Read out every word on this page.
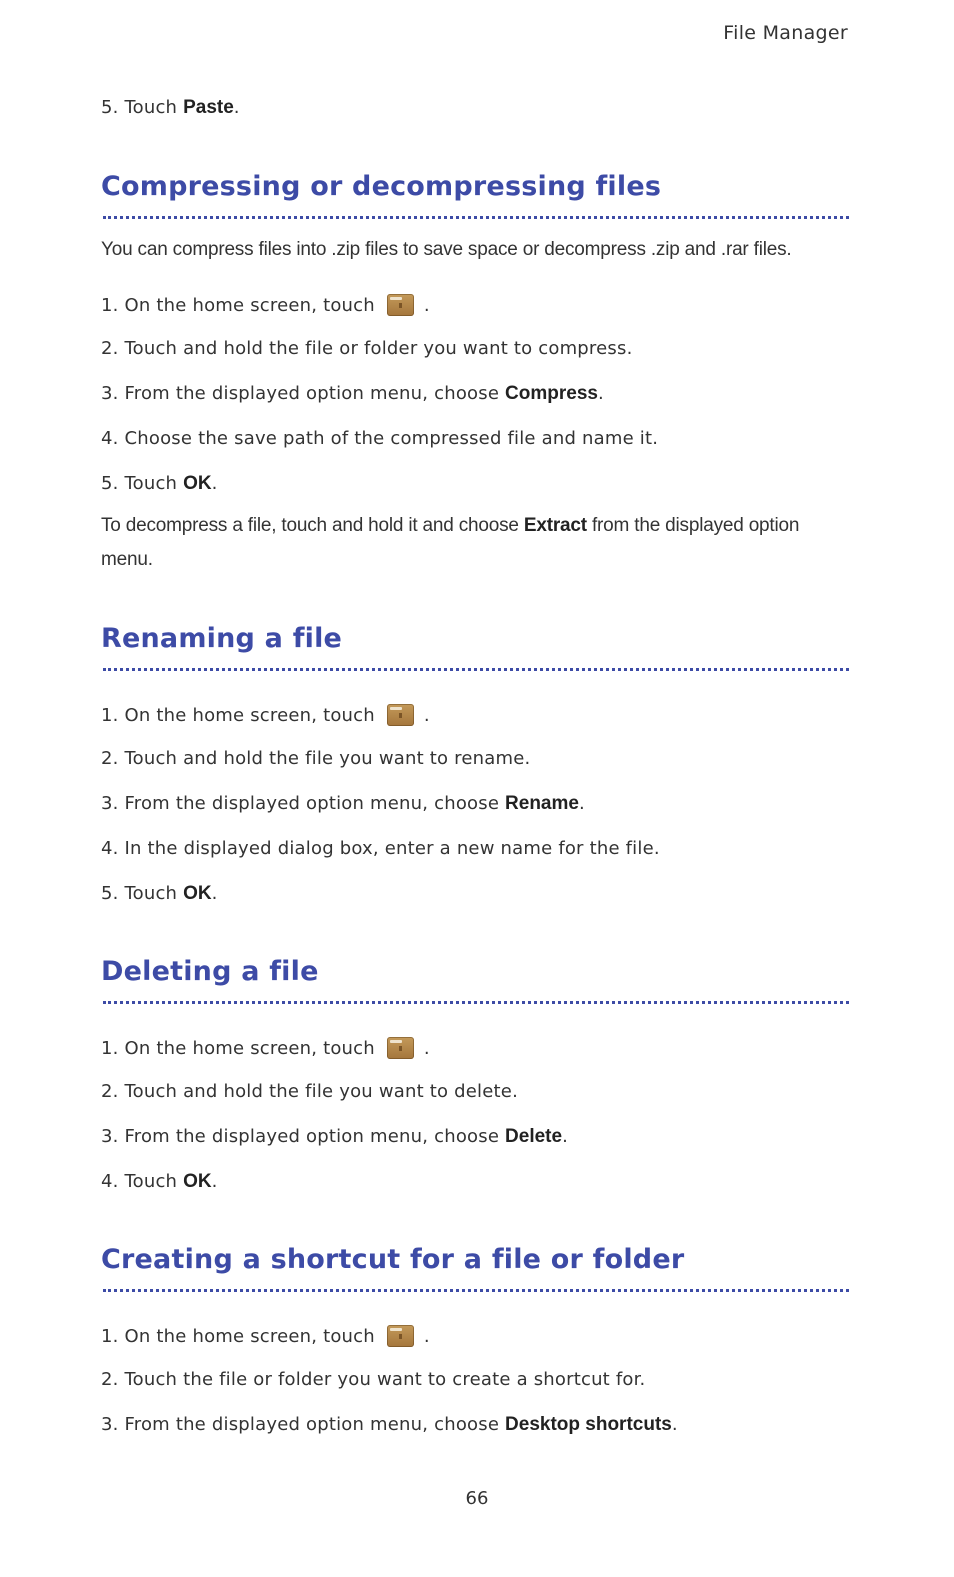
File Manager
5. Touch Paste.
Compressing or decompressing files
You can compress files into .zip files to save space or decompress .zip and .rar files.
1. On the home screen, touch	.
2. Touch and hold the file or folder you want to compress.
3. From the displayed option menu, choose Compress.
4. Choose the save path of the compressed file and name it.
5. Touch OK.
To decompress a file, touch and hold it and choose Extract from the displayed option
menu.
Renaming a file
1. On the home screen, touch	.
2. Touch and hold the file you want to rename.
3. From the displayed option menu, choose Rename.
4. In the displayed dialog box, enter a new name for the file.
5. Touch OK.
Deleting a file
1. On the home screen, touch	.
2. Touch and hold the file you want to delete.
3. From the displayed option menu, choose Delete.
4. Touch OK.
Creating a shortcut for a file or folder
1. On the home screen, touch	.
2. Touch the file or folder you want to create a shortcut for.
3. From the displayed option menu, choose Desktop shortcuts.
66
